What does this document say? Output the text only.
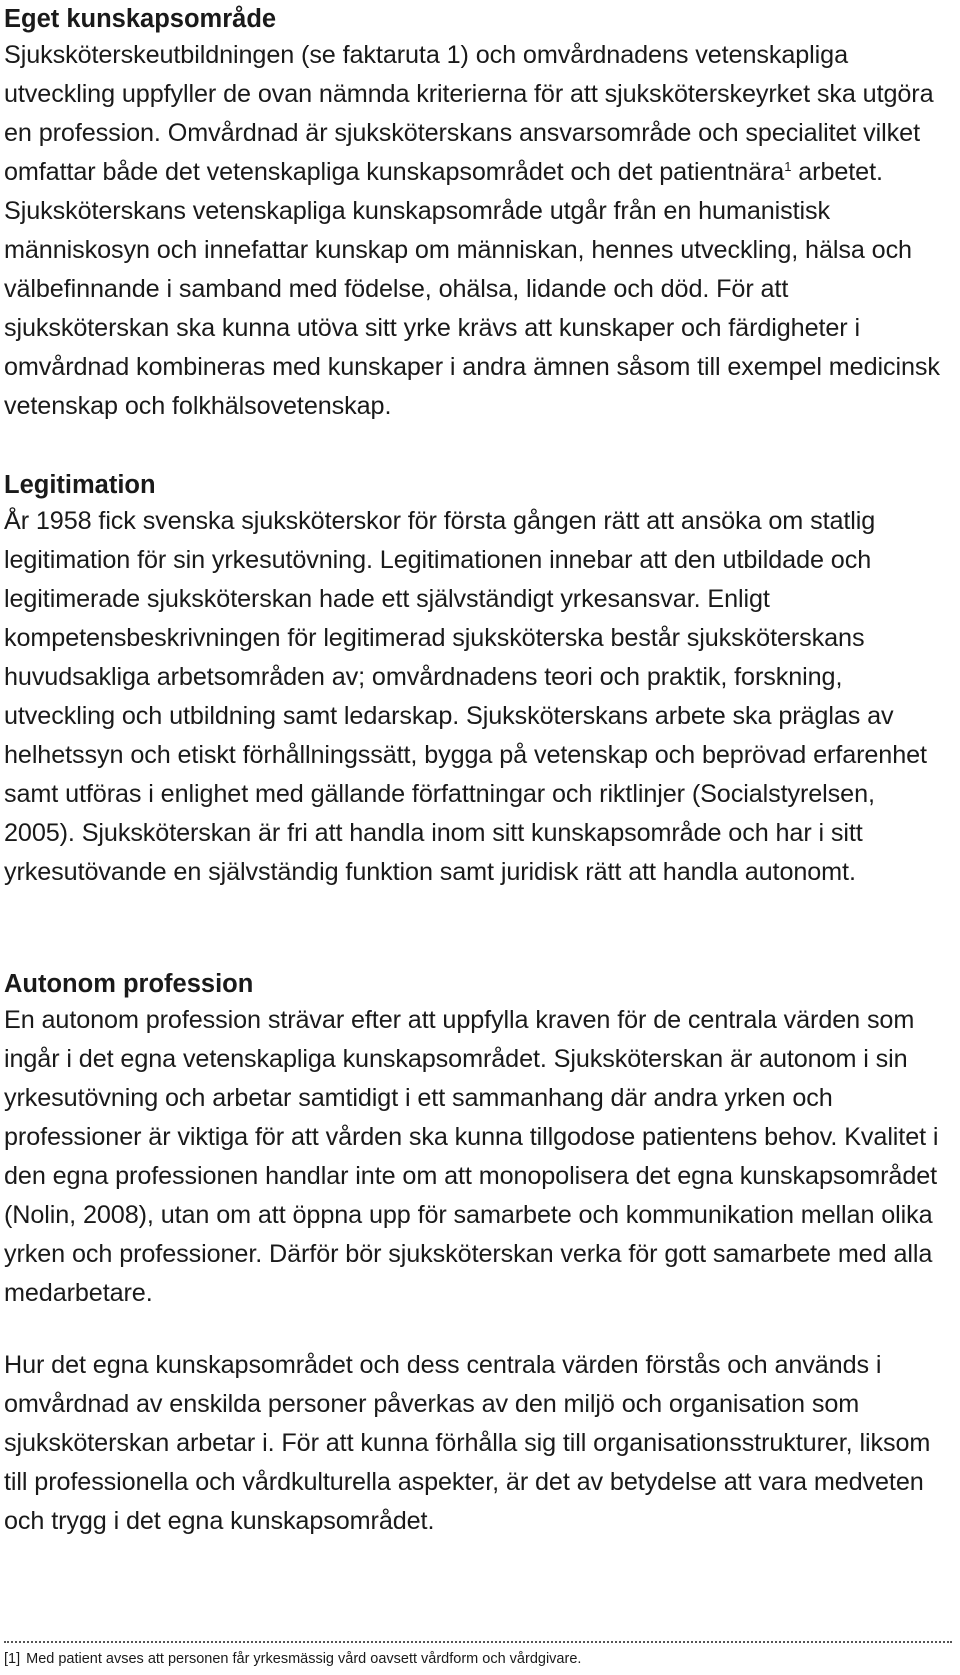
Eget kunskapsområde

Sjuksköterskeutbildningen (se faktaruta 1) och omvårdnadens vetenskapliga utveckling uppfyller de ovan nämnda kriterierna för att sjuksköterskeyrket ska utgöra en profession. Omvårdnad är sjuksköterskans ansvarsområde och specialitet vilket omfattar både det vetenskapliga kunskapsområdet och det patientnära$^1$ arbetet. Sjuksköterskans vetenskapliga kunskapsområde utgår från en humanistisk människosyn och innefattar kunskap om människan, hennes utveckling, hälsa och välbefinnande i samband med födelse, ohälsa, lidande och död. För att sjuksköterskan ska kunna utöva sitt yrke krävs att kunskaper och färdigheter i omvårdnad kombineras med kunskaper i andra ämnen såsom till exempel medicinsk vetenskap och folkhälsovetenskap.

Legitimation

År 1958 fick svenska sjuksköterskor för första gången rätt att ansöka om statlig legitimation för sin yrkesutövning. Legitimationen innebar att den utbildade och legitimerade sjuksköterskan hade ett självständigt yrkesansvar. Enligt kompetensbeskrivningen för legitimerad sjuksköterska består sjuksköterskans huvudsakliga arbetsområden av; omvårdnadens teori och praktik, forskning, utveckling och utbildning samt ledarskap. Sjuksköterskans arbete ska präglas av helhetssyn och etiskt förhållningssätt, bygga på vetenskap och beprövad erfarenhet samt utföras i enlighet med gällande författningar och riktlinjer (Socialstyrelsen, 2005). Sjuksköterskan är fri att handla inom sitt kunskapsområde och har i sitt yrkesutövande en självständig funktion samt juridisk rätt att handla autonomt.

Autonom profession

En autonom profession strävar efter att uppfylla kraven för de centrala värden som ingår i det egna vetenskapliga kunskapsområdet. Sjuksköterskan är autonom i sin yrkesutövning och arbetar samtidigt i ett sammanhang där andra yrken och professioner är viktiga för att vården ska kunna tillgodose patientens behov. Kvalitet i den egna professionen handlar inte om att monopolisera det egna kunskapsområdet (Nolin, 2008), utan om att öppna upp för samarbete och kommunikation mellan olika yrken och professioner. Därför bör sjuksköterskan verka för gott samarbete med alla medarbetare.

Hur det egna kunskapsområdet och dess centrala värden förstås och används i omvårdnad av enskilda personer påverkas av den miljö och organisation som sjuksköterskan arbetar i. För att kunna förhålla sig till organisationsstrukturer, liksom till professionella och vårdkulturella aspekter, är det av betydelse att vara medveten och trygg i det egna kunskapsområdet.

[1] Med patient avses att personen får yrkesmässig vård oavsett vårdform och vårdgivare.
